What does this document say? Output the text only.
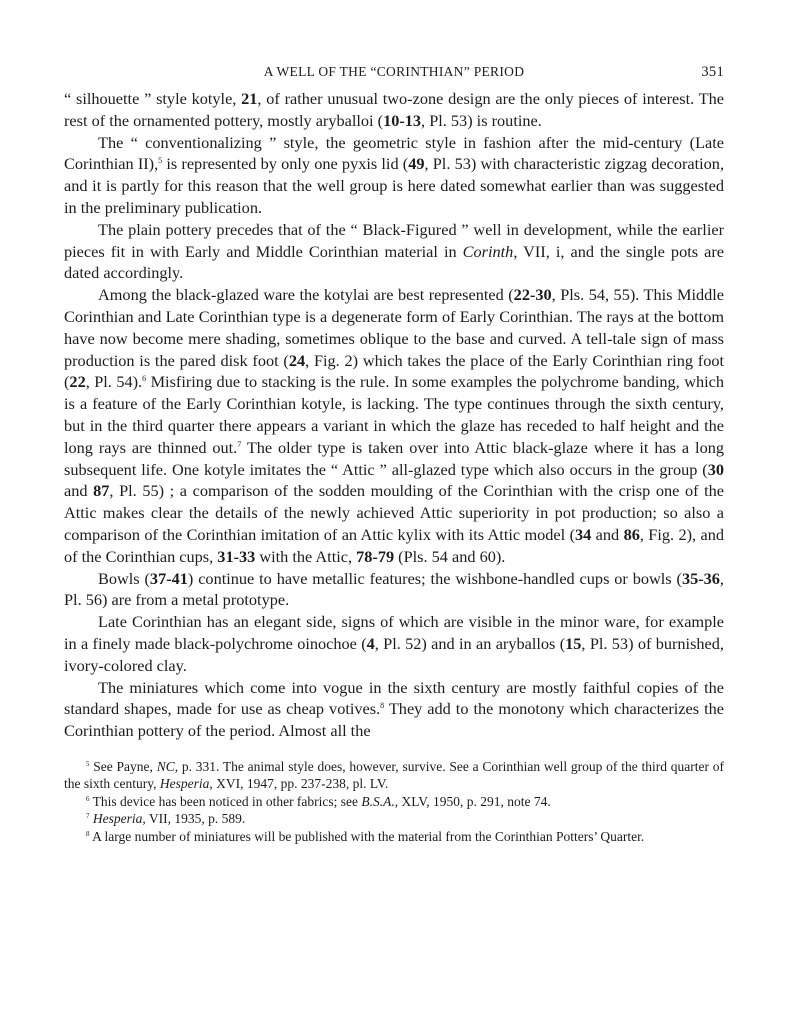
A WELL OF THE “CORINTHIAN” PERIOD	351

“ silhouette ” style kotyle, 21, of rather unusual two-zone design are the only pieces of interest. The rest of the ornamented pottery, mostly aryballoi (10-13, Pl. 53) is routine.

The “ conventionalizing ” style, the geometric style in fashion after the mid-century (Late Corinthian II),$^5$ is represented by only one pyxis lid (49, Pl. 53) with characteristic zigzag decoration, and it is partly for this reason that the well group is here dated somewhat earlier than was suggested in the preliminary publication.

The plain pottery precedes that of the “ Black-Figured ” well in development, while the earlier pieces fit in with Early and Middle Corinthian material in Corinth, VII, i, and the single pots are dated accordingly.

Among the black-glazed ware the kotylai are best represented (22-30, Pls. 54, 55). This Middle Corinthian and Late Corinthian type is a degenerate form of Early Corinthian. The rays at the bottom have now become mere shading, sometimes oblique to the base and curved. A tell-tale sign of mass production is the pared disk foot (24, Fig. 2) which takes the place of the Early Corinthian ring foot (22, Pl. 54).$^6$ Misfiring due to stacking is the rule. In some examples the polychrome banding, which is a feature of the Early Corinthian kotyle, is lacking. The type continues through the sixth century, but in the third quarter there appears a variant in which the glaze has receded to half height and the long rays are thinned out.$^7$ The older type is taken over into Attic black-glaze where it has a long subsequent life. One kotyle imitates the “ Attic ” all-glazed type which also occurs in the group (30 and 87, Pl. 55) ; a comparison of the sodden moulding of the Corinthian with the crisp one of the Attic makes clear the details of the newly achieved Attic superiority in pot production; so also a comparison of the Corinthian imitation of an Attic kylix with its Attic model (34 and 86, Fig. 2), and of the Corinthian cups, 31-33 with the Attic, 78-79 (Pls. 54 and 60).

Bowls (37-41) continue to have metallic features; the wishbone-handled cups or bowls (35-36, Pl. 56) are from a metal prototype.

Late Corinthian has an elegant side, signs of which are visible in the minor ware, for example in a finely made black-polychrome oinochoe (4, Pl. 52) and in an aryballos (15, Pl. 53) of burnished, ivory-colored clay.

The miniatures which come into vogue in the sixth century are mostly faithful copies of the standard shapes, made for use as cheap votives.$^8$ They add to the monotony which characterizes the Corinthian pottery of the period. Almost all the

$^5$ See Payne, NC, p. 331. The animal style does, however, survive. See a Corinthian well group of the third quarter of the sixth century, Hesperia, XVI, 1947, pp. 237-238, pl. LV.

$^6$ This device has been noticed in other fabrics; see B.S.A., XLV, 1950, p. 291, note 74.

$^7$ Hesperia, VII, 1935, p. 589.

$^8$ A large number of miniatures will be published with the material from the Corinthian Potters’ Quarter.
